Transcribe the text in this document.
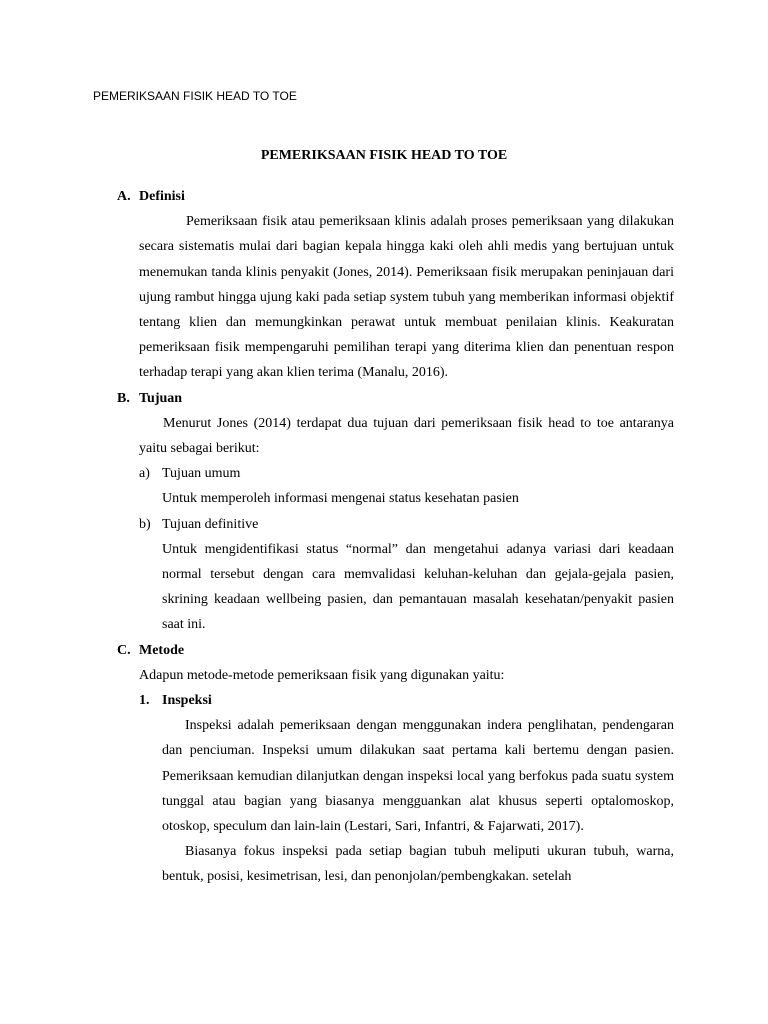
PEMERIKSAAN FISIK HEAD TO TOE
PEMERIKSAAN FISIK HEAD TO TOE
A. Definisi

Pemeriksaan fisik atau pemeriksaan klinis adalah proses pemeriksaan yang dilakukan secara sistematis mulai dari bagian kepala hingga kaki oleh ahli medis yang bertujuan untuk menemukan tanda klinis penyakit (Jones, 2014). Pemeriksaan fisik merupakan peninjauan dari ujung rambut hingga ujung kaki pada setiap system tubuh yang memberikan informasi objektif tentang klien dan memungkinkan perawat untuk membuat penilaian klinis. Keakuratan pemeriksaan fisik mempengaruhi pemilihan terapi yang diterima klien dan penentuan respon terhadap terapi yang akan klien terima (Manalu, 2016).

B. Tujuan

Menurut Jones (2014) terdapat dua tujuan dari pemeriksaan fisik head to toe antaranya yaitu sebagai berikut:

a) Tujuan umum

Untuk memperoleh informasi mengenai status kesehatan pasien

b) Tujuan definitive

Untuk mengidentifikasi status “normal” dan mengetahui adanya variasi dari keadaan normal tersebut dengan cara memvalidasi keluhan-keluhan dan gejala-gejala pasien, skrining keadaan wellbeing pasien, dan pemantauan masalah kesehatan/penyakit pasien saat ini.

C. Metode

Adapun metode-metode pemeriksaan fisik yang digunakan yaitu:

1. Inspeksi

Inspeksi adalah pemeriksaan dengan menggunakan indera penglihatan, pendengaran dan penciuman. Inspeksi umum dilakukan saat pertama kali bertemu dengan pasien. Pemeriksaan kemudian dilanjutkan dengan inspeksi local yang berfokus pada suatu system tunggal atau bagian yang biasanya mengguankan alat khusus seperti optalomoskop, otoskop, speculum dan lain-lain (Lestari, Sari, Infantri, & Fajarwati, 2017).

Biasanya fokus inspeksi pada setiap bagian tubuh meliputi ukuran tubuh, warna, bentuk, posisi, kesimetrisan, lesi, dan penonjolan/pembengkakan. setelah
